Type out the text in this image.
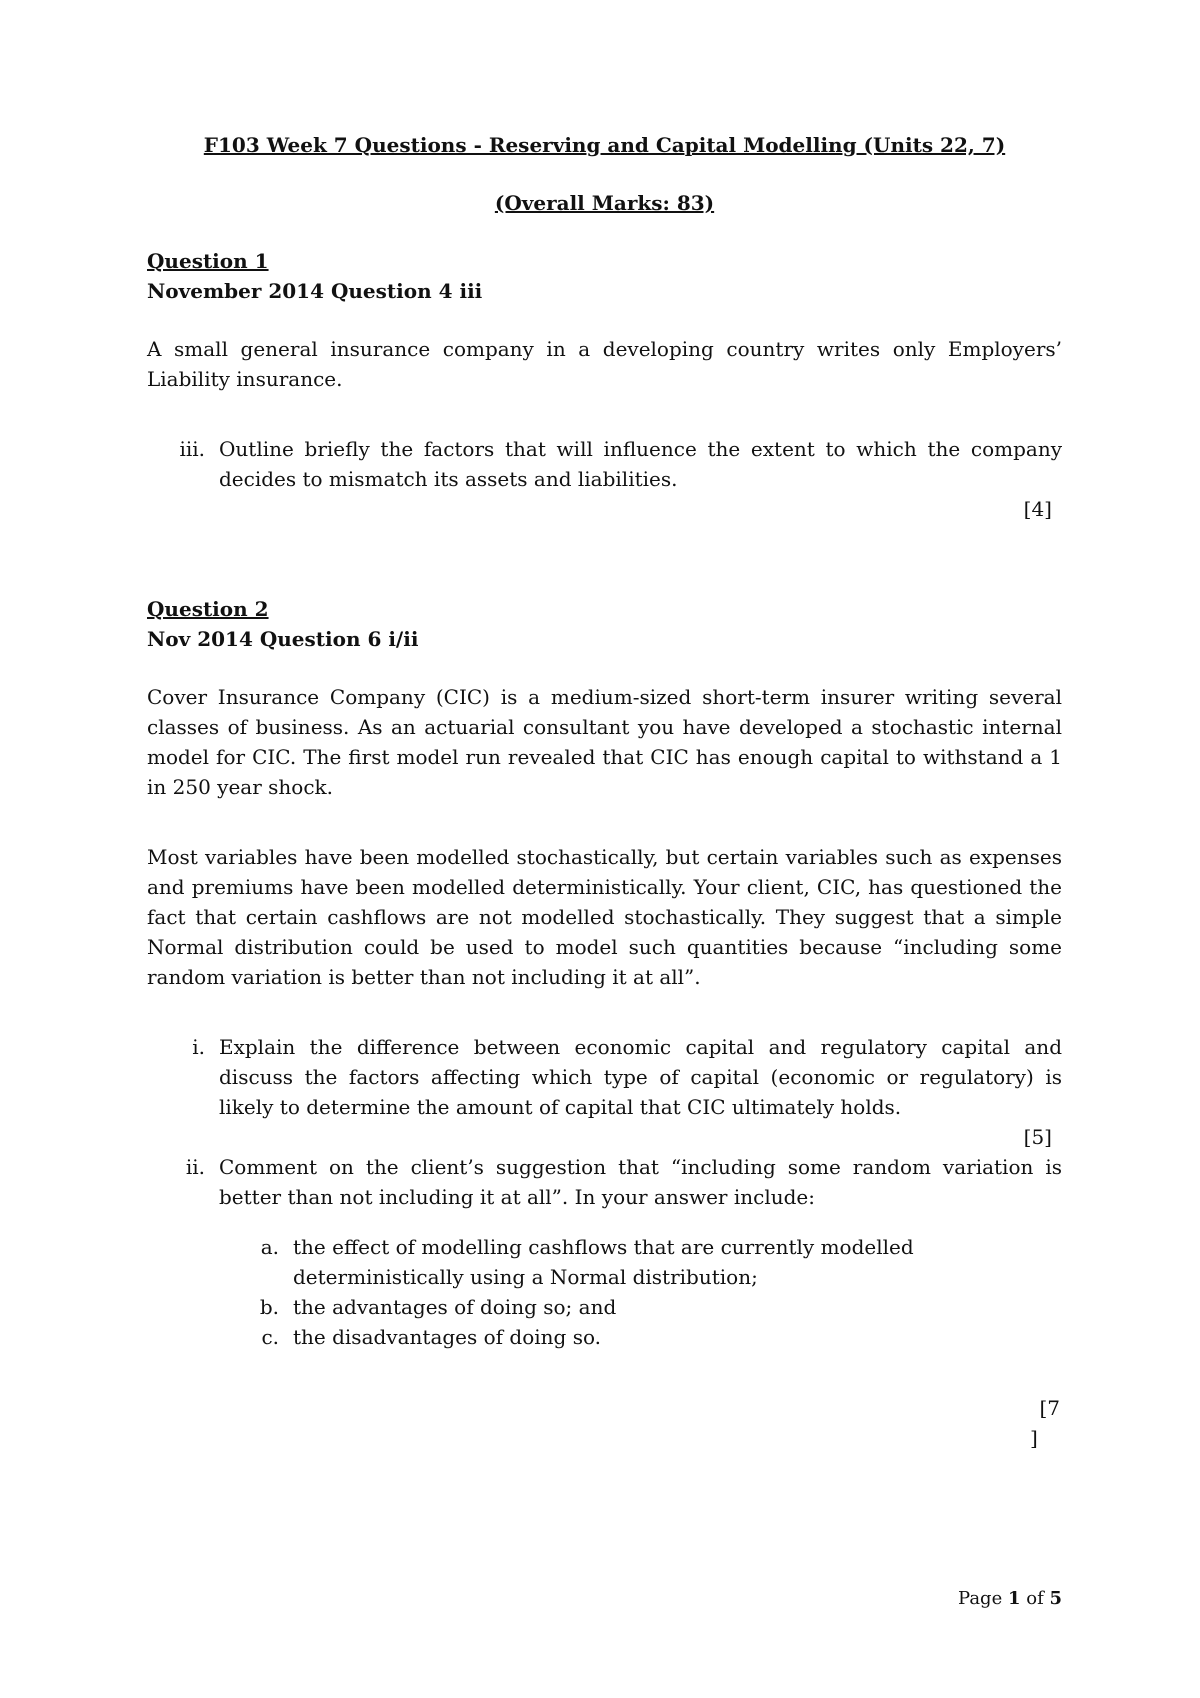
F103 Week 7 Questions - Reserving and Capital Modelling (Units 22, 7)

(Overall Marks: 83)

Question 1

November 2014 Question 4 iii

A small general insurance company in a developing country writes only Employers’ Liability insurance.

iii. Outline briefly the factors that will influence the extent to which the company decides to mismatch its assets and liabilities.
[4]

Question 2

Nov 2014 Question 6 i/ii

Cover Insurance Company (CIC) is a medium-sized short-term insurer writing several classes of business. As an actuarial consultant you have developed a stochastic internal model for CIC. The first model run revealed that CIC has enough capital to withstand a 1 in 250 year shock.

Most variables have been modelled stochastically, but certain variables such as expenses and premiums have been modelled deterministically. Your client, CIC, has questioned the fact that certain cashflows are not modelled stochastically. They suggest that a simple Normal distribution could be used to model such quantities because “including some random variation is better than not including it at all”.

i. Explain the difference between economic capital and regulatory capital and discuss the factors affecting which type of capital (economic or regulatory) is likely to determine the amount of capital that CIC ultimately holds.
[5]
ii. Comment on the client’s suggestion that “including some random variation is better than not including it at all”. In your answer include:
a. the effect of modelling cashflows that are currently modelled deterministically using a Normal distribution;
b. the advantages of doing so; and
c. the disadvantages of doing so.
[7
]
Page 1 of 5
